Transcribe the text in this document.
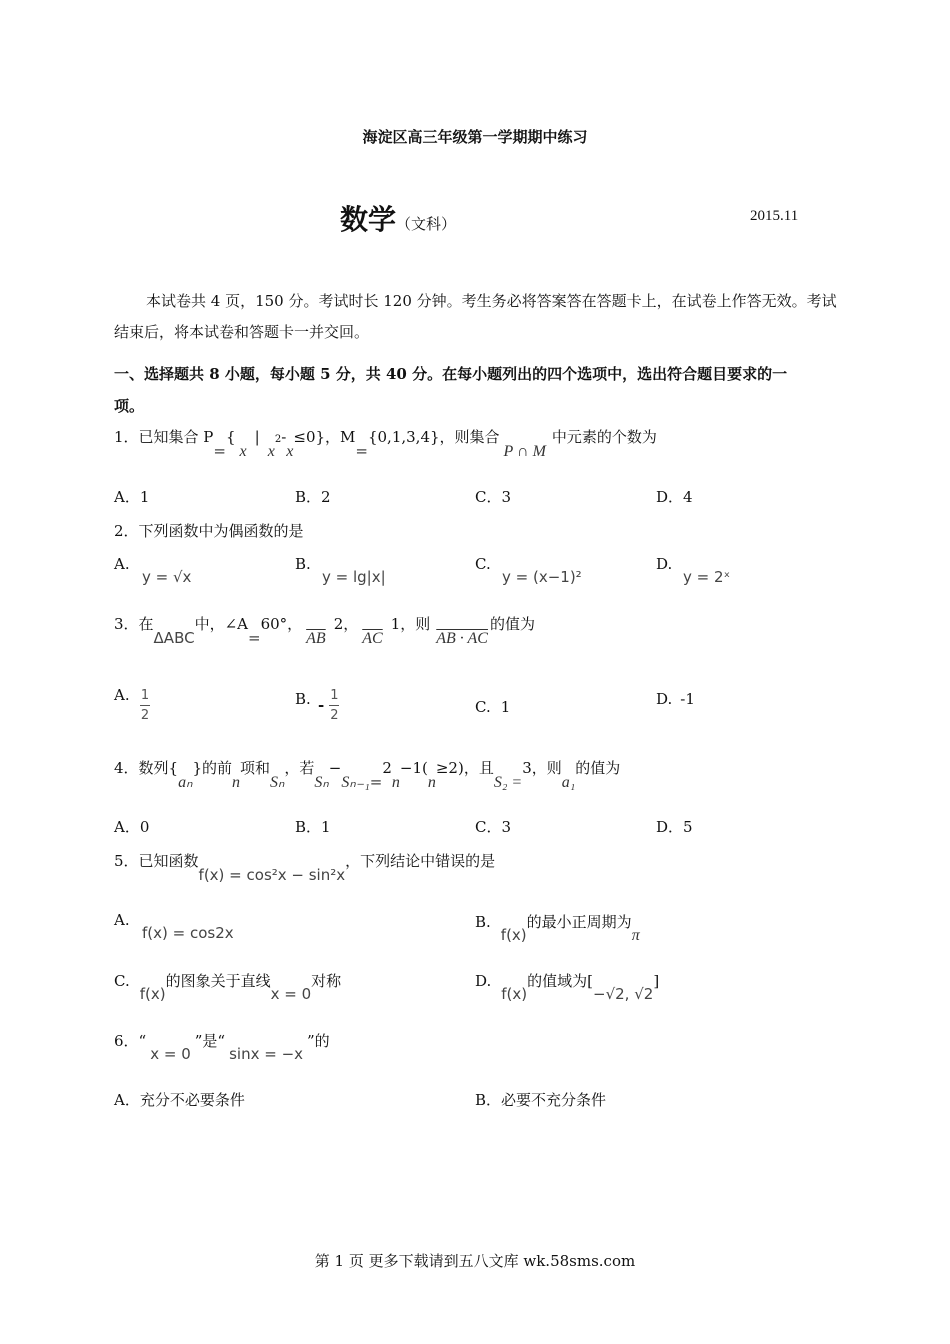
海淀区高三年级第一学期期中练习
数学（文科）	2015.11
本试卷共 4 页，150 分。考试时长 120 分钟。考生务必将答案答在答题卡上，在试卷上作答无效。考试结束后，将本试卷和答题卡一并交回。
一、选择题共 8 小题，每小题 5 分，共 40 分。在每小题列出的四个选项中，选出符合题目要求的一项。
1．已知集合 $P=\{x|x^2-x\le 0\}$，M={0,1,3,4}，则集合P ∩ M中元素的个数为
A．1	B．2	C．3	D．4
2．下列函数中为偶函数的是
A.
y = √x
B.
y = lg|x|
C.
y = (x−1)²
D.
y = 2ˣ
3．在ΔABC中，∠A=60°，$\overline{AB}2$，$\overline{AC}1$，则AB · AC的值为
A. $\frac{1}{2}$	B. - $\frac{1}{2}$	C. 1	D. -1
4．数列{aₙ}的前n项和Sₙ，若Sₙ−Sₙ₋₁=2n−1(n≥2)，且S₂ =3，则a₁的值为
A．0	B．1	C．3	D．5
5．已知函数f(x) = cos²x − sin²x，下列结论中错误的是
A.
f(x) = cos2x
B.f(x)的最小正周期为π
C.f(x)的图象关于直线x = 0对称	D.f(x)的值域为[−√2, √2]
6．“x = 0”是“sinx = −x”的
A．充分不必要条件	B．必要不充分条件
第 1 页 更多下载请到五八文库 wk.58sms.com
